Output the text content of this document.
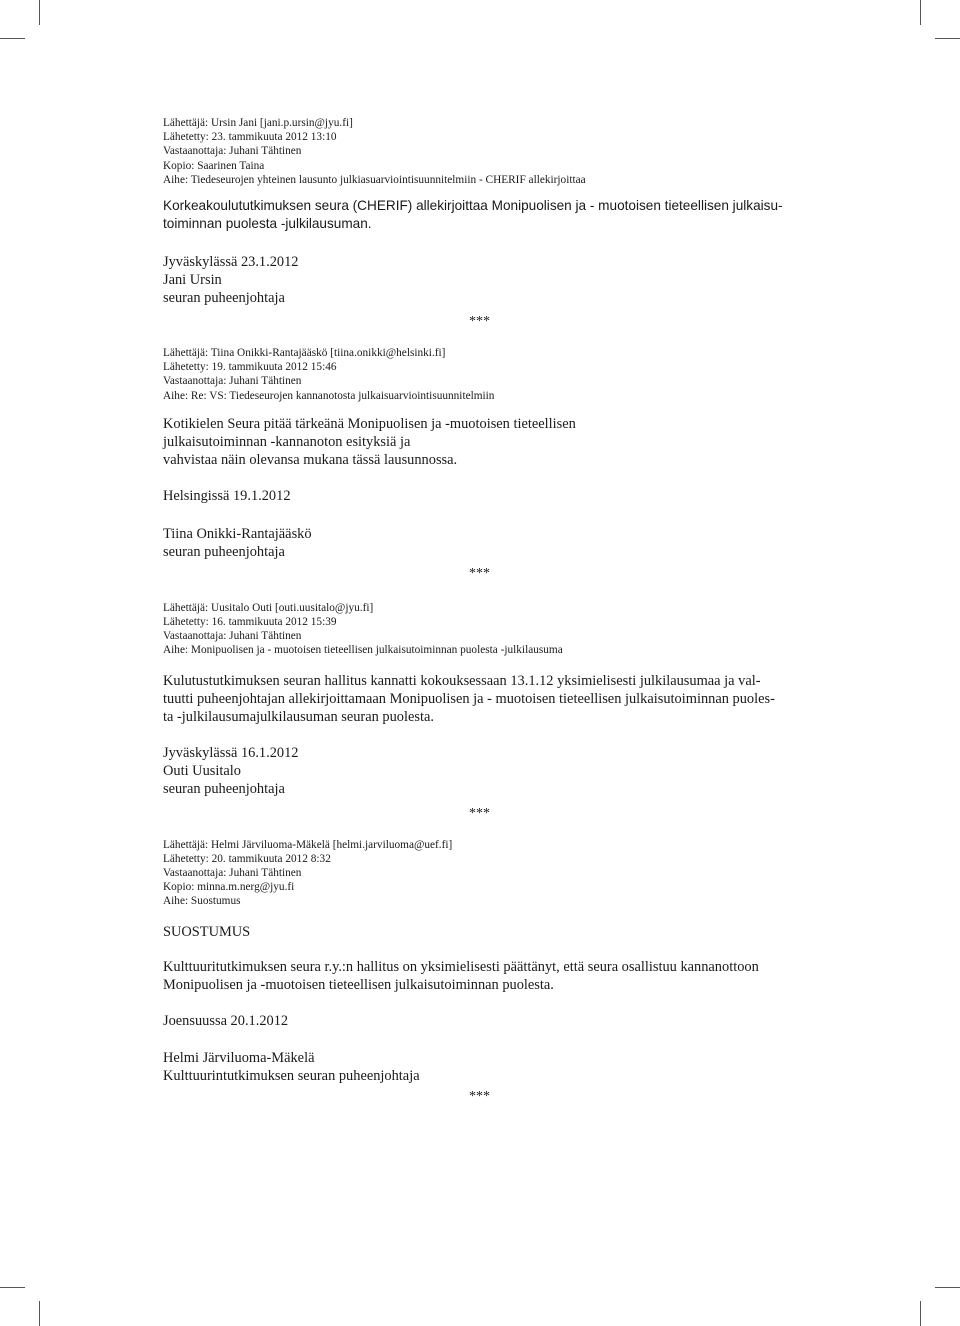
Lähettäjä: Ursin Jani [jani.p.ursin@jyu.fi]
Lähetetty: 23. tammikuuta 2012 13:10
Vastaanottaja: Juhani Tähtinen
Kopio: Saarinen Taina
Aihe: Tiedeseurojen yhteinen lausunto julkiasuarviointisuunnitelmiin - CHERIF allekirjoittaa
Korkeakoulututkimuksen seura (CHERIF) allekirjoittaa Monipuolisen ja - muotoisen tieteellisen julkaisu-
toiminnan puolesta -julkilausuman.
Jyväskylässä 23.1.2012
Jani Ursin
seuran puheenjohtaja
***
Lähettäjä: Tiina Onikki-Rantajääskö [tiina.onikki@helsinki.fi]
Lähetetty: 19. tammikuuta 2012 15:46
Vastaanottaja: Juhani Tähtinen
Aihe: Re: VS: Tiedeseurojen kannanotosta julkaisuarviointisuunnitelmiin
Kotikielen Seura pitää tärkeänä Monipuolisen ja -muotoisen tieteellisen
julkaisutoiminnan -kannanoton esityksiä ja
vahvistaa näin olevansa mukana tässä lausunnossa.
Helsingissä 19.1.2012
Tiina Onikki-Rantajääskö
seuran puheenjohtaja
***
Lähettäjä: Uusitalo Outi [outi.uusitalo@jyu.fi]
Lähetetty: 16. tammikuuta 2012 15:39
Vastaanottaja: Juhani Tähtinen
Aihe: Monipuolisen ja - muotoisen tieteellisen julkaisutoiminnan puolesta -julkilausuma
Kulutustutkimuksen seuran hallitus kannatti kokouksessaan 13.1.12 yksimielisesti julkilausumaa ja val-
tuutti puheenjohtajan allekirjoittamaan Monipuolisen ja - muotoisen tieteellisen julkaisutoiminnan puoles-
ta -julkilausumajulkilausuman seuran puolesta.
Jyväskylässä 16.1.2012
Outi Uusitalo
seuran puheenjohtaja
***
Lähettäjä: Helmi Järviluoma-Mäkelä [helmi.jarviluoma@uef.fi]
Lähetetty: 20. tammikuuta 2012 8:32
Vastaanottaja: Juhani Tähtinen
Kopio: minna.m.nerg@jyu.fi
Aihe: Suostumus
SUOSTUMUS
Kulttuuritutkimuksen seura r.y.:n hallitus on yksimielisesti päättänyt, että seura osallistuu kannanottoon
Monipuolisen ja -muotoisen tieteellisen julkaisutoiminnan puolesta.
Joensuussa 20.1.2012
Helmi Järviluoma-Mäkelä
Kulttuurintutkimuksen seuran puheenjohtaja
***
